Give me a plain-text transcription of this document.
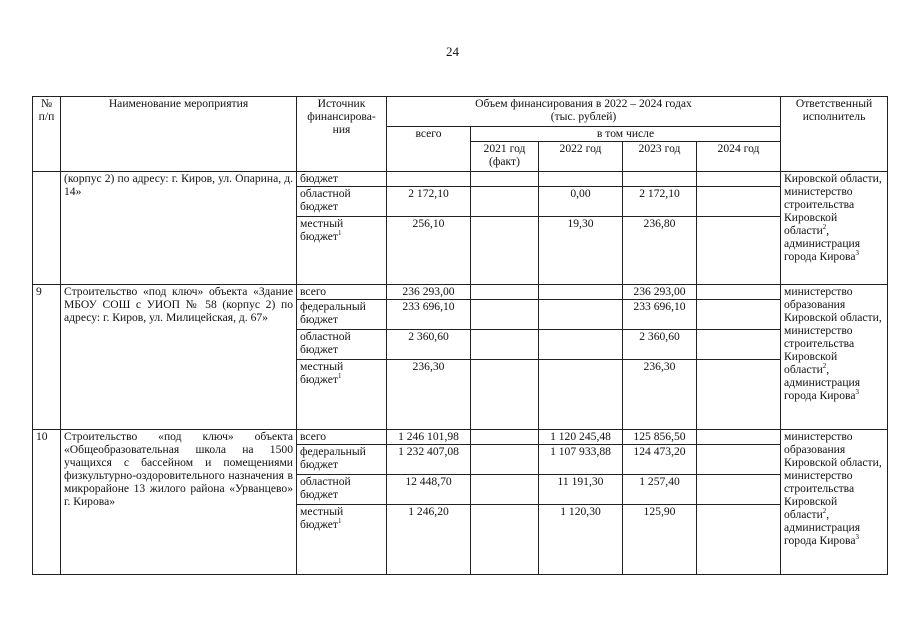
24
№ п/п	Наименование мероприятия	Источник финансирова-ния	Объем финансирования в 2022 – 2024 годах
(тыс. рублей)					Ответственный исполнитель
			всего	в том числе				
				2021 год (факт)	2022 год	2023 год	2024 год	
	(корпус 2) по адресу: г. Киров, ул. Опарина, д. 14»	бюджет						Кировской области, министерство строительства Кировской области$^2$, администрация города Кирова$^3$
		областной бюджет	2 172,10		0,00	2 172,10		
		местный бюджет$^1$	256,10		19,30	236,80		
9	Строительство «под ключ» объекта «Здание МБОУ СОШ с УИОП № 58 (корпус 2) по адресу: г. Киров, ул. Милицейская, д. 67»	всего	236 293,00			236 293,00		министерство образования Кировской области, министерство строительства Кировской области$^2$, администрация города Кирова$^3$
		федеральный бюджет	233 696,10			233 696,10		
		областной бюджет	2 360,60			2 360,60		
		местный бюджет$^1$	236,30			236,30		
10	Строительство «под ключ» объекта «Общеобразовательная школа на 1500 учащихся с бассейном и помещениями физкультурно-оздоровительного назначения в микрорайоне 13 жилого района «Урванцево» г. Кирова»	всего	1 246 101,98		1 120 245,48	125 856,50		министерство образования Кировской области, министерство строительства Кировской области$^2$, администрация города Кирова$^3$
		федеральный бюджет	1 232 407,08		1 107 933,88	124 473,20		
		областной бюджет	12 448,70		11 191,30	1 257,40		
		местный бюджет$^1$	1 246,20		1 120,30	125,90		
